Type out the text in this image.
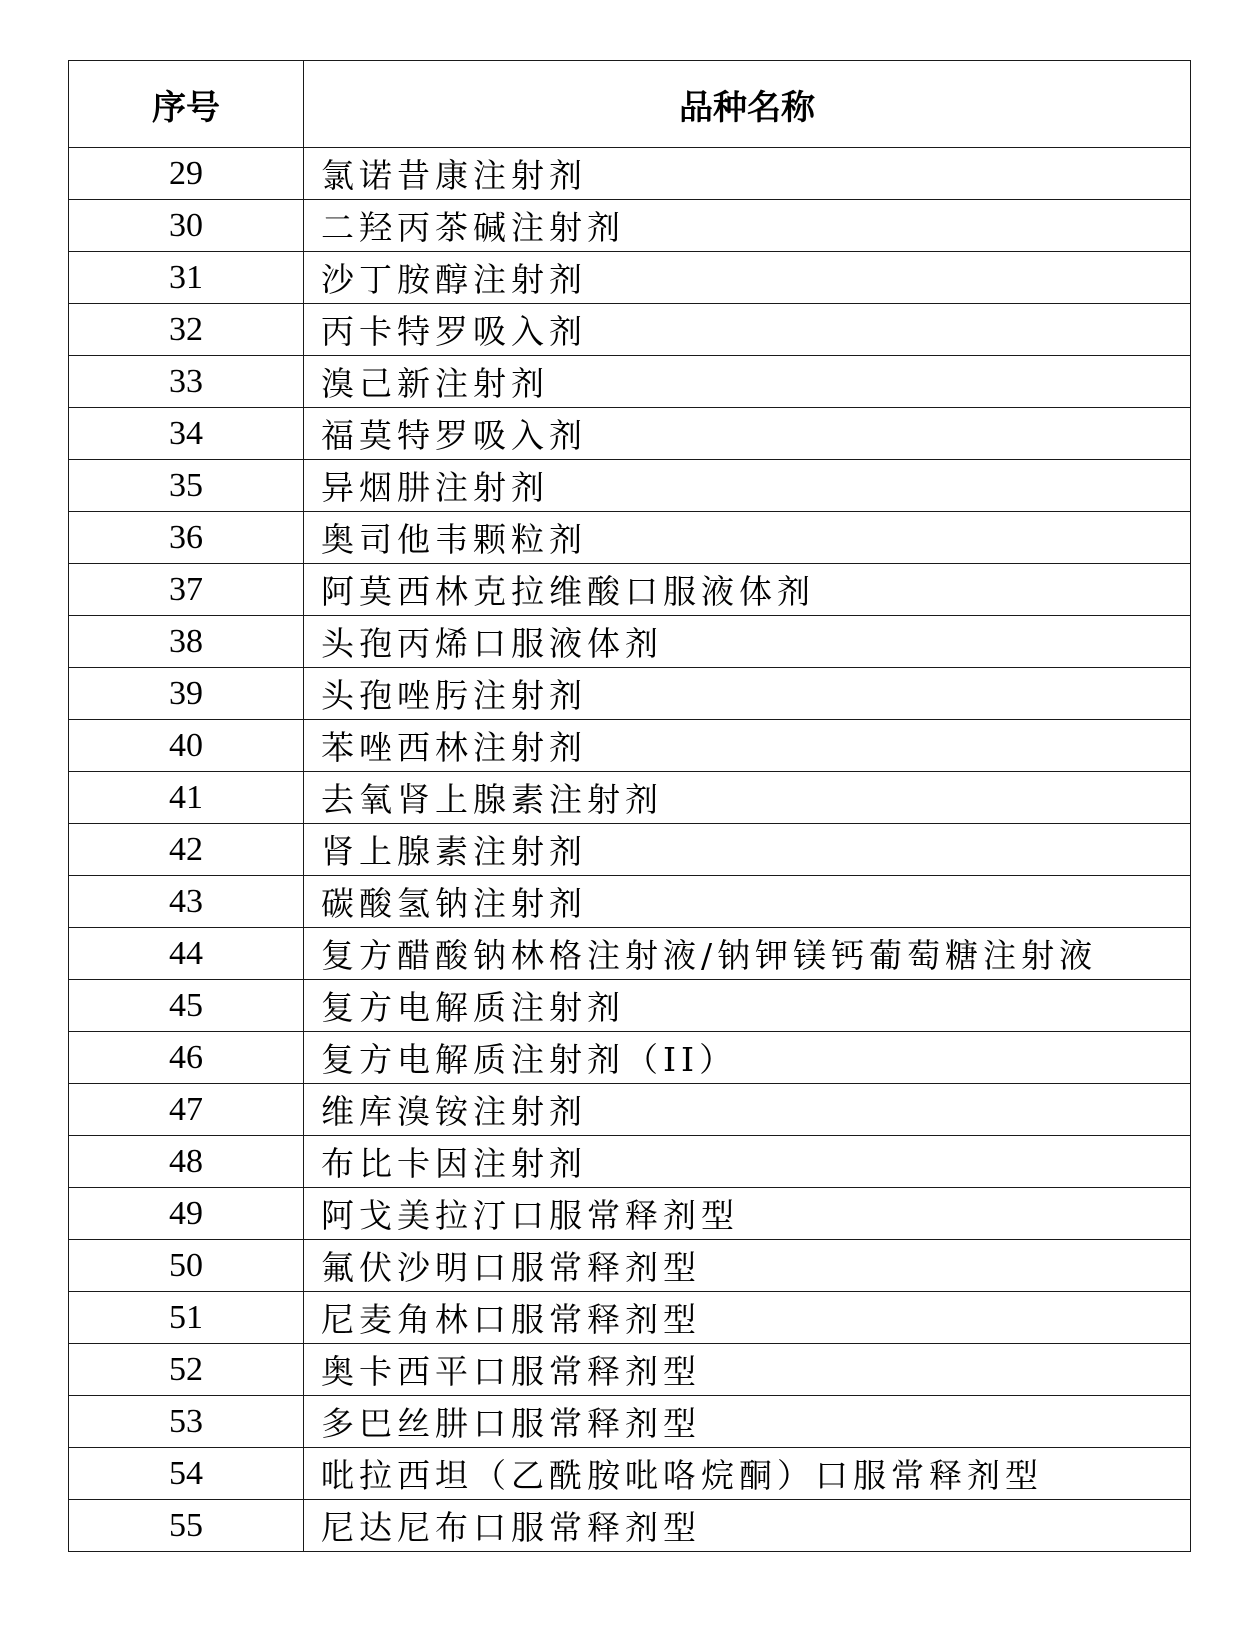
序号	品种名称
29	氯诺昔康注射剂
30	二羟丙茶碱注射剂
31	沙丁胺醇注射剂
32	丙卡特罗吸入剂
33	溴己新注射剂
34	福莫特罗吸入剂
35	异烟肼注射剂
36	奥司他韦颗粒剂
37	阿莫西林克拉维酸口服液体剂
38	头孢丙烯口服液体剂
39	头孢唑肟注射剂
40	苯唑西林注射剂
41	去氧肾上腺素注射剂
42	肾上腺素注射剂
43	碳酸氢钠注射剂
44	复方醋酸钠林格注射液/钠钾镁钙葡萄糖注射液
45	复方电解质注射剂
46	复方电解质注射剂（II）
47	维库溴铵注射剂
48	布比卡因注射剂
49	阿戈美拉汀口服常释剂型
50	氟伏沙明口服常释剂型
51	尼麦角林口服常释剂型
52	奥卡西平口服常释剂型
53	多巴丝肼口服常释剂型
54	吡拉西坦（乙酰胺吡咯烷酮）口服常释剂型
55	尼达尼布口服常释剂型
